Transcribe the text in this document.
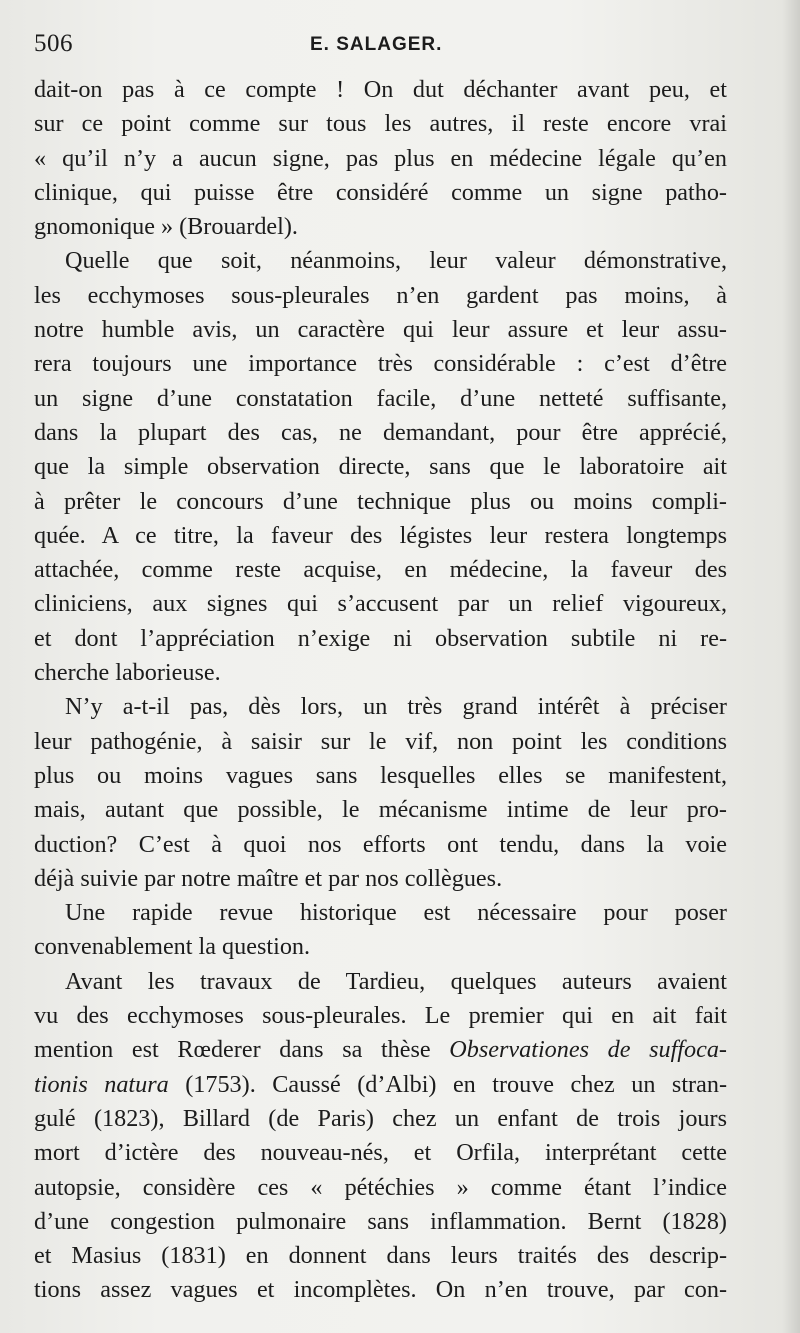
506	E. SALAGER.
dait-on pas à ce compte ! On dut déchanter avant peu, et
sur ce point comme sur tous les autres, il reste encore vrai
« qu’il n’y a aucun signe, pas plus en médecine légale qu’en
clinique, qui puisse être considéré comme un signe patho-
gnomonique » (Brouardel).
Quelle que soit, néanmoins, leur valeur démonstrative,
les ecchymoses sous-pleurales n’en gardent pas moins, à
notre humble avis, un caractère qui leur assure et leur assu-
rera toujours une importance très considérable : c’est d’être
un signe d’une constatation facile, d’une netteté suffisante,
dans la plupart des cas, ne demandant, pour être apprécié,
que la simple observation directe, sans que le laboratoire ait
à prêter le concours d’une technique plus ou moins compli-
quée. A ce titre, la faveur des légistes leur restera longtemps
attachée, comme reste acquise, en médecine, la faveur des
cliniciens, aux signes qui s’accusent par un relief vigoureux,
et dont l’appréciation n’exige ni observation subtile ni re-
cherche laborieuse.
N’y a-t-il pas, dès lors, un très grand intérêt à préciser
leur pathogénie, à saisir sur le vif, non point les conditions
plus ou moins vagues sans lesquelles elles se manifestent,
mais, autant que possible, le mécanisme intime de leur pro-
duction? C’est à quoi nos efforts ont tendu, dans la voie
déjà suivie par notre maître et par nos collègues.
Une rapide revue historique est nécessaire pour poser
convenablement la question.
Avant les travaux de Tardieu, quelques auteurs avaient
vu des ecchymoses sous-pleurales. Le premier qui en ait fait
mention est Rœderer dans sa thèse Observationes de suffoca-
tionis natura (1753). Caussé (d’Albi) en trouve chez un stran-
gulé (1823), Billard (de Paris) chez un enfant de trois jours
mort d’ictère des nouveau-nés, et Orfila, interprétant cette
autopsie, considère ces « pétéchies » comme étant l’indice
d’une congestion pulmonaire sans inflammation. Bernt (1828)
et Masius (1831) en donnent dans leurs traités des descrip-
tions assez vagues et incomplètes. On n’en trouve, par con-
